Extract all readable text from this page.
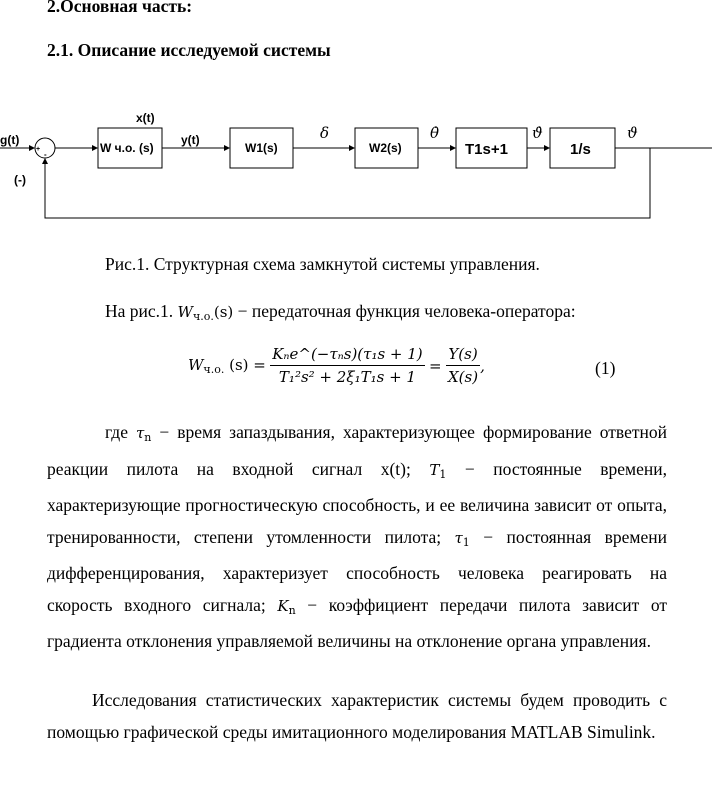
2.Основная часть:
2.1. Описание исследуемой системы
g(t)
+
-
(-)
x(t)
y(t)
W ч.о. (s)	W1(s)	W2(s)	T1s+1	1/s
δ	θ̇	ϑ̇	ϑ
Рис.1. Структурная схема замкнутой системы управления.
На рис.1. $W_{ч.о.}(s)$ − передаточная функция человека-оператора:
$W_{ч.о.}$ (s) =
$\frac{\text{Kₙe\textasciicircum{}(−τₙs)(τ₁s + 1)}}{\text{T₁²s² + 2ξ₁T₁s + 1}}$
=
$\frac{Y(s)}{X(s)}$ ,	(1)
где $\tau_n$ − время запаздывания, характеризующее формирование ответной реакции пилота на входной сигнал x(t); $T_1$ − постоянные времени, характеризующие прогностическую способность, и ее величина зависит от опыта, тренированности, степени утомленности пилота; $\tau_1$ − постоянная времени дифференцирования, характеризует способность человека реагировать на скорость входного сигнала; $K_n$ − коэффициент передачи пилота зависит от градиента отклонения управляемой величины на отклонение органа управления.
Исследования статистических характеристик системы будем проводить с помощью графической среды имитационного моделирования MATLAB Simulink.
